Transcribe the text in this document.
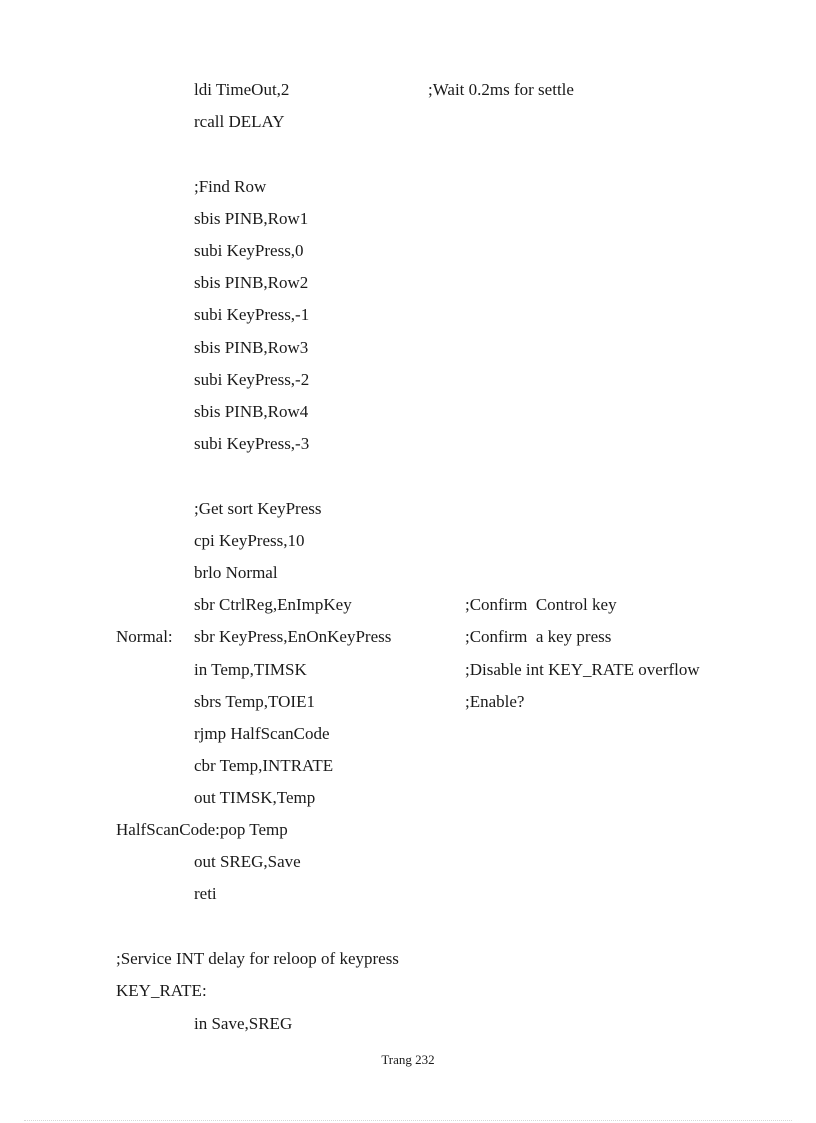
ldi TimeOut,2	;Wait 0.2ms for settle
rcall DELAY
;Find Row
sbis PINB,Row1
subi KeyPress,0
sbis PINB,Row2
subi KeyPress,-1
sbis PINB,Row3
subi KeyPress,-2
sbis PINB,Row4
subi KeyPress,-3
;Get sort KeyPress
cpi KeyPress,10
brlo Normal
sbr CtrlReg,EnImpKey	;Confirm  Control key
Normal: sbr KeyPress,EnOnKeyPress	;Confirm  a key press
in Temp,TIMSK	;Disable int KEY_RATE overflow
sbrs Temp,TOIE1	;Enable?
rjmp HalfScanCode
cbr Temp,INTRATE
out TIMSK,Temp
HalfScanCode:pop Temp
out SREG,Save
reti
;Service INT delay for reloop of keypress
KEY_RATE:
in Save,SREG
Trang 232
